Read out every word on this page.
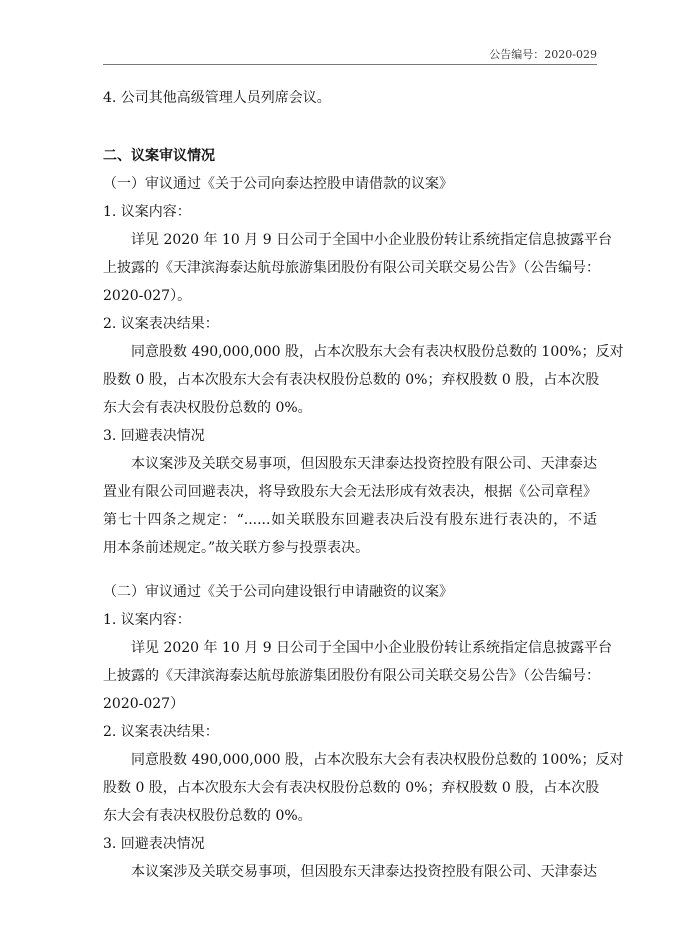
公告编号：2020-029
4. 公司其他高级管理人员列席会议。
二、议案审议情况
（一）审议通过《关于公司向泰达控股申请借款的议案》
1. 议案内容：
详见 2020 年 10 月 9 日公司于全国中小企业股份转让系统指定信息披露平台
上披露的《天津滨海泰达航母旅游集团股份有限公司关联交易公告》（公告编号：
2020-027）。
2. 议案表决结果：
同意股数 490,000,000 股，占本次股东大会有表决权股份总数的 100%；反对
股数 0 股，占本次股东大会有表决权股份总数的 0%；弃权股数 0 股，占本次股
东大会有表决权股份总数的 0%。
3. 回避表决情况
本议案涉及关联交易事项，但因股东天津泰达投资控股有限公司、天津泰达
置业有限公司回避表决，将导致股东大会无法形成有效表决，根据《公司章程》
第七十四条之规定：“......如关联股东回避表决后没有股东进行表决的，不适
用本条前述规定。”故关联方参与投票表决。
（二）审议通过《关于公司向建设银行申请融资的议案》
1. 议案内容：
详见 2020 年 10 月 9 日公司于全国中小企业股份转让系统指定信息披露平台
上披露的《天津滨海泰达航母旅游集团股份有限公司关联交易公告》（公告编号：
2020-027）
2. 议案表决结果：
同意股数 490,000,000 股，占本次股东大会有表决权股份总数的 100%；反对
股数 0 股，占本次股东大会有表决权股份总数的 0%；弃权股数 0 股，占本次股
东大会有表决权股份总数的 0%。
3. 回避表决情况
本议案涉及关联交易事项，但因股东天津泰达投资控股有限公司、天津泰达
